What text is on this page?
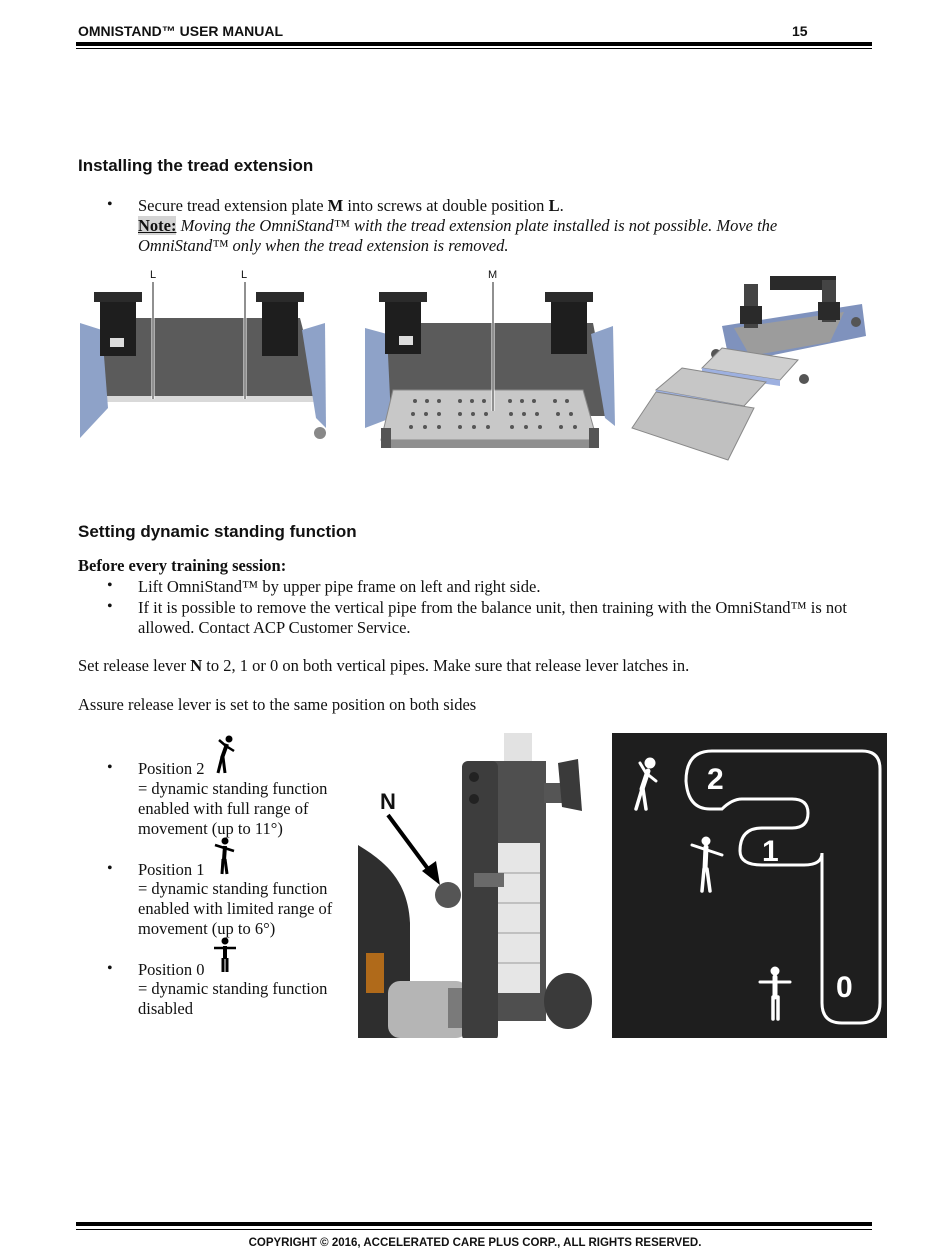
OMNISTAND™ USER MANUAL	15
Installing the tread extension
• Secure tread extension plate M into screws at double position L.
Note: Moving the OmniStand™ with the tread extension plate installed is not possible. Move the
OmniStand™ only when the tread extension is removed.
L	L	M
Setting dynamic standing function
Before every training session:
• Lift OmniStand™ by upper pipe frame on left and right side.
• If it is possible to remove the vertical pipe from the balance unit, then training with the OmniStand™ is not
allowed. Contact ACP Customer Service.
Set release lever N to 2, 1 or 0 on both vertical pipes. Make sure that release lever latches in.
Assure release lever is set to the same position on both sides
• Position 2
= dynamic standing function
enabled with full range of
movement (up to 11°)
• Position 1
= dynamic standing function
enabled with limited range of
movement (up to 6°)
• Position 0
= dynamic standing function
disabled
N
2
1
0
COPYRIGHT © 2016, ACCELERATED CARE PLUS CORP., ALL RIGHTS RESERVED.
